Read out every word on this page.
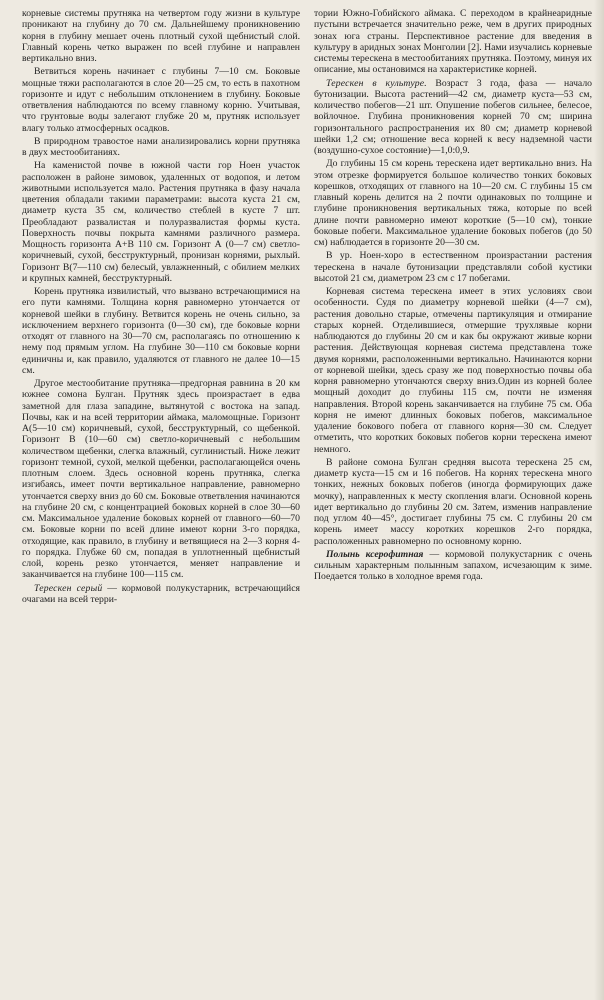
корневые системы прутняка на четвертом году жизни в культуре проникают на глубину до 70 см. Дальнейшему проникновению корня в глубину мешает очень плотный сухой щебнистый слой. Главный корень четко выражен по всей глубине и направлен вертикально вниз.

Ветвиться корень начинает с глубины 7—10 см. Боковые мощные тяжи располагаются в слое 20—25 см, то есть в пахотном горизонте и идут с небольшим отклонением в глубину. Боковые ответвления наблюдаются по всему главному корню. Учитывая, что грунтовые воды залегают глубже 20 м, прутняк использует влагу только атмосферных осадков.

В природном травостое нами анализировались корни прутняка в двух местообитаниях.

На каменистой почве в южной части гор Ноен участок расположен в районе зимовок, удаленных от водопоя, и летом животными используется мало. Растения прутняка в фазу начала цветения обладали такими параметрами: высота куста 21 см, диаметр куста 35 см, количество стеблей в кусте 7 шт. Преобладают развалистая и полуразвалистая формы куста. Поверхность почвы покрыта камнями различного размера. Мощность горизонта А+В 110 см. Горизонт А (0—7 см) светло-коричневый, сухой, бесструктурный, пронизан корнями, рыхлый. Горизонт В(7—110 см) белесый, увлажненный, с обилием мелких и крупных камней, бесструктурный.

Корень прутняка извилистый, что вызвано встречающимися на его пути камнями. Толщина корня равномерно утончается от корневой шейки в глубину. Ветвится корень не очень сильно, за исключением верхнего горизонта (0—30 см), где боковые корни отходят от главного на 30—70 см, располагаясь по отношению к нему под прямым углом. На глубине 30—110 см боковые корни единичны и, как правило, удаляются от главного не далее 10—15 см.

Другое местообитание прутняка—предгорная равнина в 20 км южнее сомона Булган. Прутняк здесь произрастает в едва заметной для глаза западине, вытянутой с востока на запад. Почвы, как и на всей территории аймака, маломощные. Горизонт А(5—10 см) коричневый, сухой, бесструктурный, со щебенкой. Горизонт В (10—60 см) светло-коричневый с небольшим количеством щебенки, слегка влажный, суглинистый. Ниже лежит горизонт темной, сухой, мелкой щебенки, располагающейся очень плотным слоем. Здесь основной корень прутняка, слегка изгибаясь, имеет почти вертикальное направление, равномерно утончается сверху вниз до 60 см. Боковые ответвления начинаются на глубине 20 см, с концентрацией боковых корней в слое 30—60 см. Максимальное удаление боковых корней от главного—60—70 см. Боковые корни по всей длине имеют корни 3-го порядка, отходящие, как правило, в глубину и ветвящиеся на 2—3 корня 4-го порядка. Глубже 60 см, попадая в уплотненный щебнистый слой, корень резко утончается, меняет направление и заканчивается на глубине 100—115 см.

Терескен серый — кормовой полукустарник, встречающийся очагами на всей терри-

тории Южно-Гобийского аймака. С переходом в крайнеаридные пустыни встречается значительно реже, чем в других природных зонах юга страны. Перспективное растение для введения в культуру в аридных зонах Монголии [2]. Нами изучались корневые системы терескена в местообитаниях прутняка. Поэтому, минуя их описание, мы остановимся на характеристике корней.

Терескен в культуре. Возраст 3 года, фаза — начало бутонизации. Высота растений—42 см, диаметр куста—53 см, количество побегов—21 шт. Опушение побегов сильнее, белесое, войлочное. Глубина проникновения корней 70 см; ширина горизонтального распространения их 80 см; диаметр корневой шейки 1,2 см; отношение веса корней к весу надземной части (воздушно-сухое состояние)—1,0:0,9.

До глубины 15 см корень терескена идет вертикально вниз. На этом отрезке формируется большое количество тонких боковых корешков, отходящих от главного на 10—20 см. С глубины 15 см главный корень делится на 2 почти одинаковых по толщине и глубине проникновения вертикальных тяжа, которые по всей длине почти равномерно имеют короткие (5—10 см), тонкие боковые побеги. Максимальное удаление боковых побегов (до 50 см) наблюдается в горизонте 20—30 см.

В ур. Ноен-хоро в естественном произрастании растения терескена в начале бутонизации представляли собой кустики высотой 21 см, диаметром 23 см с 17 побегами.

Корневая система терескена имеет в этих условиях свои особенности. Судя по диаметру корневой шейки (4—7 см), растения довольно старые, отмечены партикуляция и отмирание старых корней. Отделившиеся, отмершие трухлявые корни наблюдаются до глубины 20 см и как бы окружают живые корни растения. Действующая корневая система представлена тоже двумя корнями, расположенными вертикально. Начинаются корни от корневой шейки, здесь сразу же под поверхностью почвы оба корня равномерно утончаются сверху вниз.Один из корней более мощный доходит до глубины 115 см, почти не изменяя направления. Второй корень заканчивается на глубине 75 см. Оба корня не имеют длинных боковых побегов, максимальное удаление бокового побега от главного корня—30 см. Следует отметить, что коротких боковых побегов корни терескена имеют немного.

В районе сомона Булган средняя высота терескена 25 см, диаметр куста—15 см и 16 побегов. На корнях терескена много тонких, нежных боковых побегов (иногда формирующих даже мочку), направленных к месту скопления влаги. Основной корень идет вертикально до глубины 20 см. Затем, изменив направление под углом 40—45°, достигает глубины 75 см. С глубины 20 см корень имеет массу коротких корешков 2-го порядка, расположенных равномерно по основному корню.

Полынь ксерофитная — кормовой полукустарник с очень сильным характерным полынным запахом, исчезающим к зиме. Поедается только в холодное время года.
